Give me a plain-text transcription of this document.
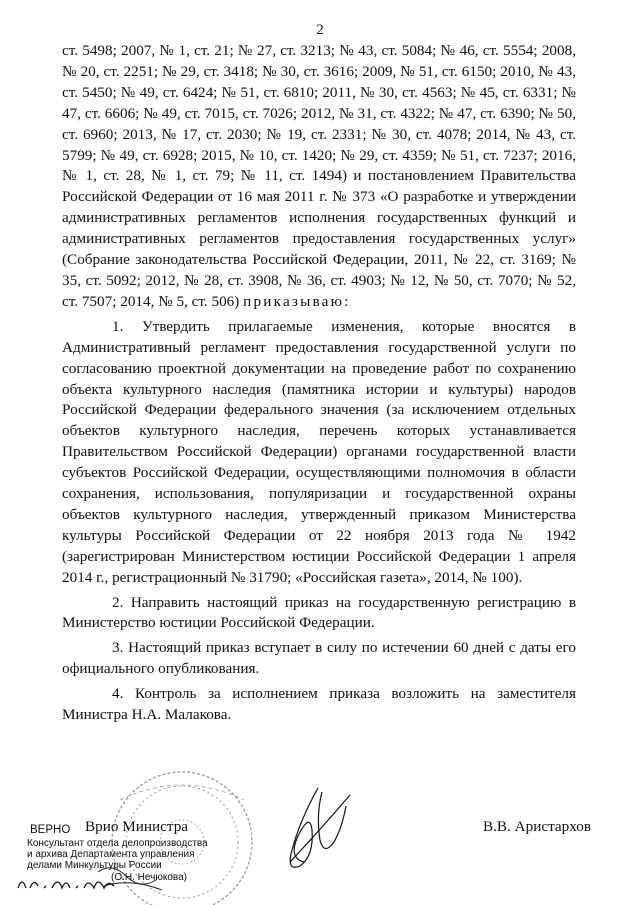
2

ст. 5498; 2007, № 1, ст. 21; № 27, ст. 3213; № 43, ст. 5084; № 46, ст. 5554; 2008, № 20, ст. 2251; № 29, ст. 3418; № 30, ст. 3616; 2009, № 51, ст. 6150; 2010, № 43, ст. 5450; № 49, ст. 6424; № 51, ст. 6810; 2011, № 30, ст. 4563; № 45, ст. 6331; № 47, ст. 6606; № 49, ст. 7015, ст. 7026; 2012, № 31, ст. 4322; № 47, ст. 6390; № 50, ст. 6960; 2013, № 17, ст. 2030; № 19, ст. 2331; № 30, ст. 4078; 2014, № 43, ст. 5799; № 49, ст. 6928; 2015, № 10, ст. 1420; № 29, ст. 4359; № 51, ст. 7237; 2016, № 1, ст. 28, № 1, ст. 79; № 11, ст. 1494) и постановлением Правительства Российской Федерации от 16 мая 2011 г. № 373 «О разработке и утверждении административных регламентов исполнения государственных функций и административных регламентов предоставления государственных услуг» (Собрание законодательства Российской Федерации, 2011, № 22, ст. 3169; № 35, ст. 5092; 2012, № 28, ст. 3908, № 36, ст. 4903; № 12, № 50, ст. 7070; № 52, ст. 7507; 2014, № 5, ст. 506) приказываю:

1. Утвердить прилагаемые изменения, которые вносятся в Административный регламент предоставления государственной услуги по согласованию проектной документации на проведение работ по сохранению объекта культурного наследия (памятника истории и культуры) народов Российской Федерации федерального значения (за исключением отдельных объектов культурного наследия, перечень которых устанавливается Правительством Российской Федерации) органами государственной власти субъектов Российской Федерации, осуществляющими полномочия в области сохранения, использования, популяризации и государственной охраны объектов культурного наследия, утвержденный приказом Министерства культуры Российской Федерации от 22 ноября 2013 года № 1942 (зарегистрирован Министерством юстиции Российской Федерации 1 апреля 2014 г., регистрационный № 31790; «Российская газета», 2014, № 100).

2. Направить настоящий приказ на государственную регистрацию в Министерство юстиции Российской Федерации.

3. Настоящий приказ вступает в силу по истечении 60 дней с даты его официального опубликования.

4. Контроль за исполнением приказа возложить на заместителя Министра Н.А. Малакова.

Врио Министра	В.В. Аристархов
ВЕРНО
Консультант отдела делопроизводства
и архива Департамента управления
делами Минкультуры России
(О.Н. Нечюкова)
